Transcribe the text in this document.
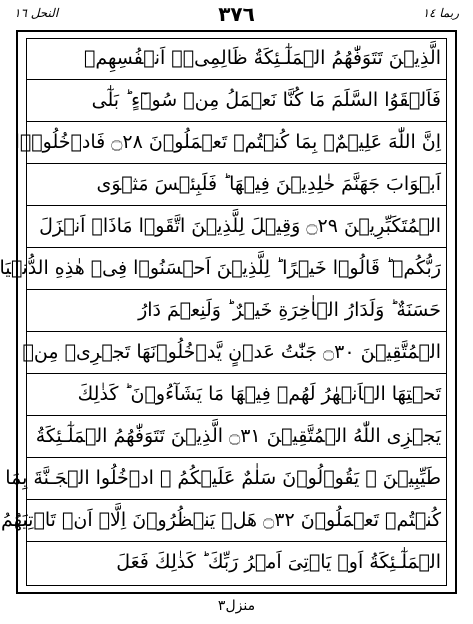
النحل ١٦	٣٧٦	ربما ١٤
الَّذِيۡنَ تَتَوَفّٰهُمُ الۡمَلٰٓـئِكَةُ ظَالِمِىۡۤ اَنۡفُسِهِمۡ
فَاَلۡقَوُا السَّلَمَ مَا كُنَّا نَعۡمَلُ مِنۡ سُوۡٓءٍ ؕ بَلٰٓى
اِنَّ اللّٰهَ عَلِيۡمٌۢ بِمَا كُنۡتُمۡ تَعۡمَلُوۡنَ ۝٢٨ فَادۡخُلُوۡۤا
اَبۡوَابَ جَهَنَّمَ خٰلِدِيۡنَ فِيۡهَا ؕ فَلَبِئۡسَ مَثۡوَى
الۡمُتَكَبِّرِيۡنَ ۝٢٩ وَقِيۡلَ لِلَّذِيۡنَ اتَّقَوۡا مَاذَاۤ اَنۡزَلَ
رَبُّكُمۡ ؕ قَالُوۡا خَيۡرًا ؕ لِلَّذِيۡنَ اَحۡسَنُوۡا فِىۡ هٰذِهِ الدُّنۡيَا
حَسَنَةٌ ؕ وَلَدَارُ الۡاٰخِرَةِ خَيۡرٌ ؕ وَلَنِعۡمَ دَارُ
الۡمُتَّقِيۡنَ ۝٣٠ جَنّٰتُ عَدۡنٍ يَّدۡخُلُوۡنَهَا تَجۡرِىۡ مِنۡ
تَحۡتِهَا الۡاَنۡهٰرُ لَهُمۡ فِيۡهَا مَا يَشَآءُوۡنَ ؕ كَذٰلِكَ
يَجۡزِى اللّٰهُ الۡمُتَّقِيۡنَ ۝٣١ الَّذِيۡنَ تَتَوَفّٰهُمُ الۡمَلٰٓـئِكَةُ
طَيِّبِيۡنَ ۙ يَقُوۡلُوۡنَ سَلٰمٌ عَلَيۡكُمُ ۙ ادۡخُلُوا الۡجَـنَّةَ بِمَا
كُنۡتُمۡ تَعۡمَلُوۡنَ ۝٣٢ هَلۡ يَنۡظُرُوۡنَ اِلَّاۤ اَنۡ تَاۡتِيَهُمُ
الۡمَلٰٓـئِكَةُ اَوۡ يَاۡتِىَ اَمۡرُ رَبِّكَ ؕ كَذٰلِكَ فَعَلَ
منزل٣
